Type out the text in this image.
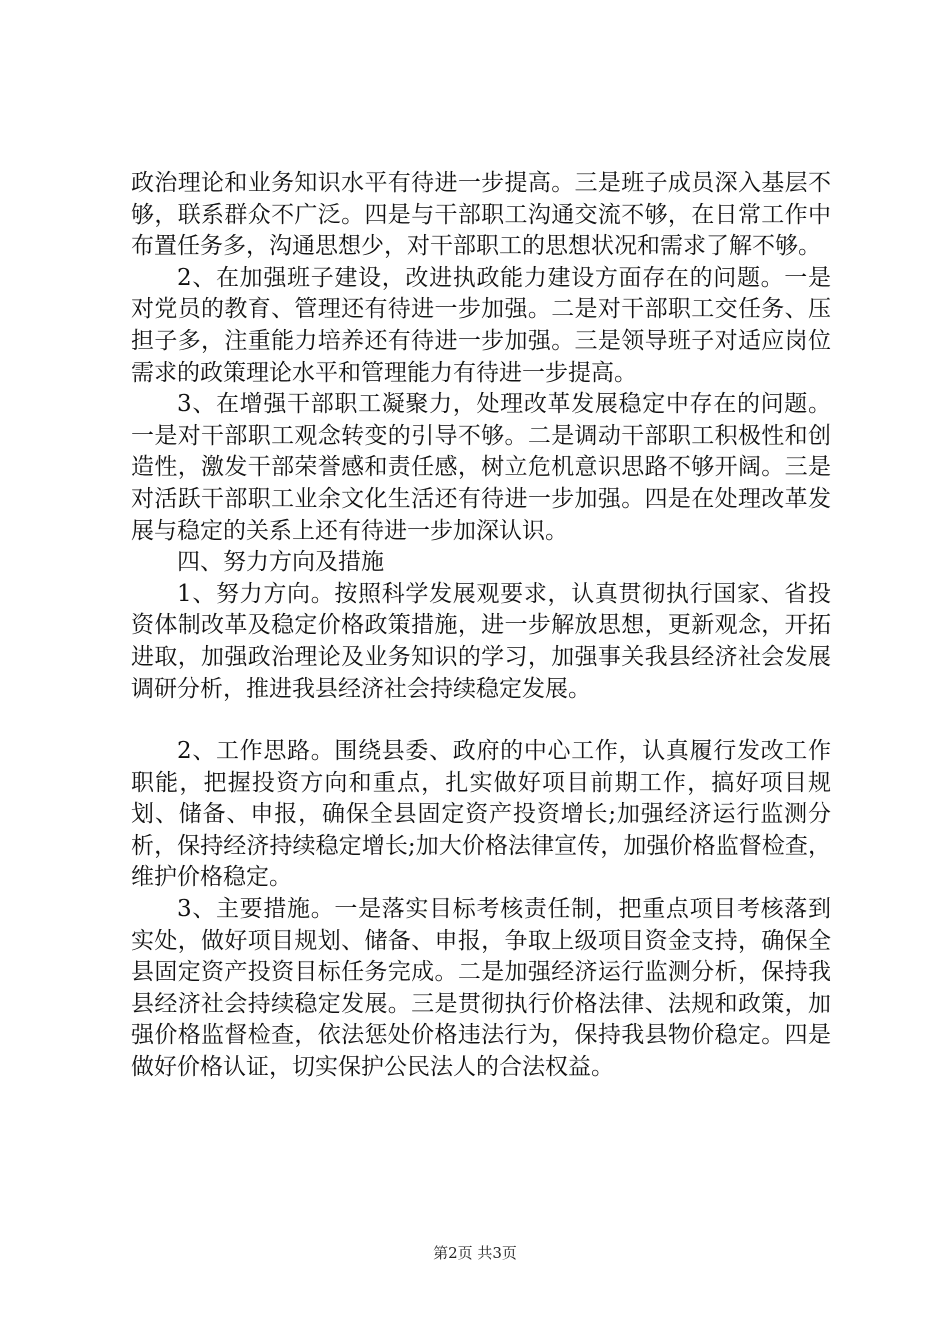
政治理论和业务知识水平有待进一步提高。三是班子成员深入基层不够，联系群众不广泛。四是与干部职工沟通交流不够，在日常工作中布置任务多，沟通思想少，对干部职工的思想状况和需求了解不够。

2、在加强班子建设，改进执政能力建设方面存在的问题。一是对党员的教育、管理还有待进一步加强。二是对干部职工交任务、压担子多，注重能力培养还有待进一步加强。三是领导班子对适应岗位需求的政策理论水平和管理能力有待进一步提高。

3、在增强干部职工凝聚力，处理改革发展稳定中存在的问题。一是对干部职工观念转变的引导不够。二是调动干部职工积极性和创造性，激发干部荣誉感和责任感，树立危机意识思路不够开阔。三是对活跃干部职工业余文化生活还有待进一步加强。四是在处理改革发展与稳定的关系上还有待进一步加深认识。

四、努力方向及措施

1、努力方向。按照科学发展观要求，认真贯彻执行国家、省投资体制改革及稳定价格政策措施，进一步解放思想，更新观念，开拓进取，加强政治理论及业务知识的学习，加强事关我县经济社会发展调研分析，推进我县经济社会持续稳定发展。

2、工作思路。围绕县委、政府的中心工作，认真履行发改工作职能，把握投资方向和重点，扎实做好项目前期工作，搞好项目规划、储备、申报，确保全县固定资产投资增长;加强经济运行监测分析，保持经济持续稳定增长;加大价格法律宣传，加强价格监督检查，维护价格稳定。

3、主要措施。一是落实目标考核责任制，把重点项目考核落到实处，做好项目规划、储备、申报，争取上级项目资金支持，确保全县固定资产投资目标任务完成。二是加强经济运行监测分析，保持我县经济社会持续稳定发展。三是贯彻执行价格法律、法规和政策，加强价格监督检查，依法惩处价格违法行为，保持我县物价稳定。四是做好价格认证，切实保护公民法人的合法权益。

第2页 共3页
